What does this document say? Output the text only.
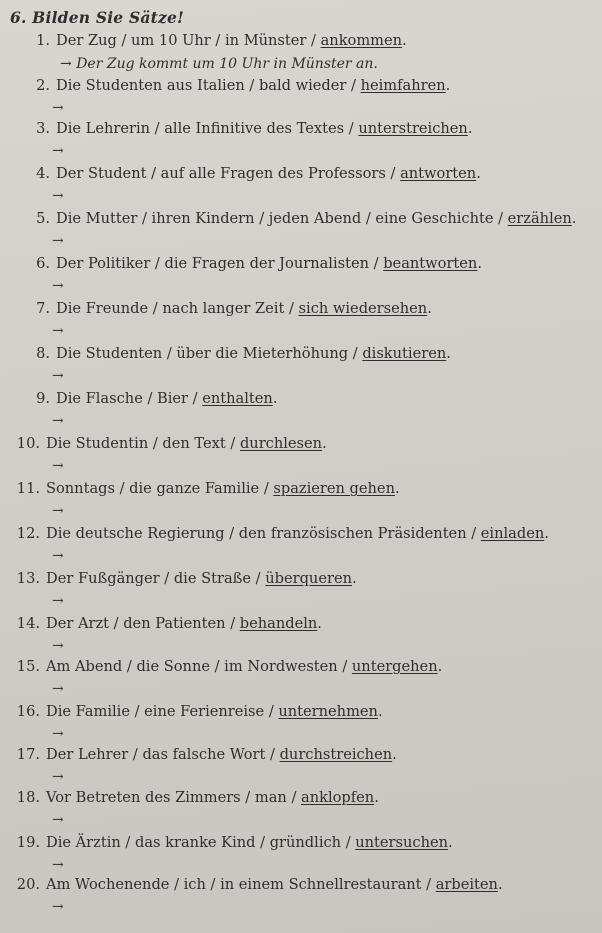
6. Bilden Sie Sätze!
→ Der Zug kommt um 10 Uhr in Münster an.
1. Der Zug / um 10 Uhr / in Münster / ankommen.
2. Die Studenten aus Italien / bald wieder / heimfahren.
→
3. Die Lehrerin / alle Infinitive des Textes / unterstreichen.
→
4. Der Student / auf alle Fragen des Professors / antworten.
→
5. Die Mutter / ihren Kindern / jeden Abend / eine Geschichte / erzählen.
→
6. Der Politiker / die Fragen der Journalisten / beantworten.
→
7. Die Freunde / nach langer Zeit / sich wiedersehen.
→
8. Die Studenten / über die Mieterhöhung / diskutieren.
→
9. Die Flasche / Bier / enthalten.
→
10. Die Studentin / den Text / durchlesen.
→
11. Sonntags / die ganze Familie / spazieren gehen.
→
12. Die deutsche Regierung / den französischen Präsidenten / einladen.
→
13. Der Fußgänger / die Straße / überqueren.
→
14. Der Arzt / den Patienten / behandeln.
→
15. Am Abend / die Sonne / im Nordwesten / untergehen.
→
16. Die Familie / eine Ferienreise / unternehmen.
→
17. Der Lehrer / das falsche Wort / durchstreichen.
→
18. Vor Betreten des Zimmers / man / anklopfen.
→
19. Die Ärztin / das kranke Kind / gründlich / untersuchen.
→
20. Am Wochenende / ich / in einem Schnellrestaurant / arbeiten.
→
